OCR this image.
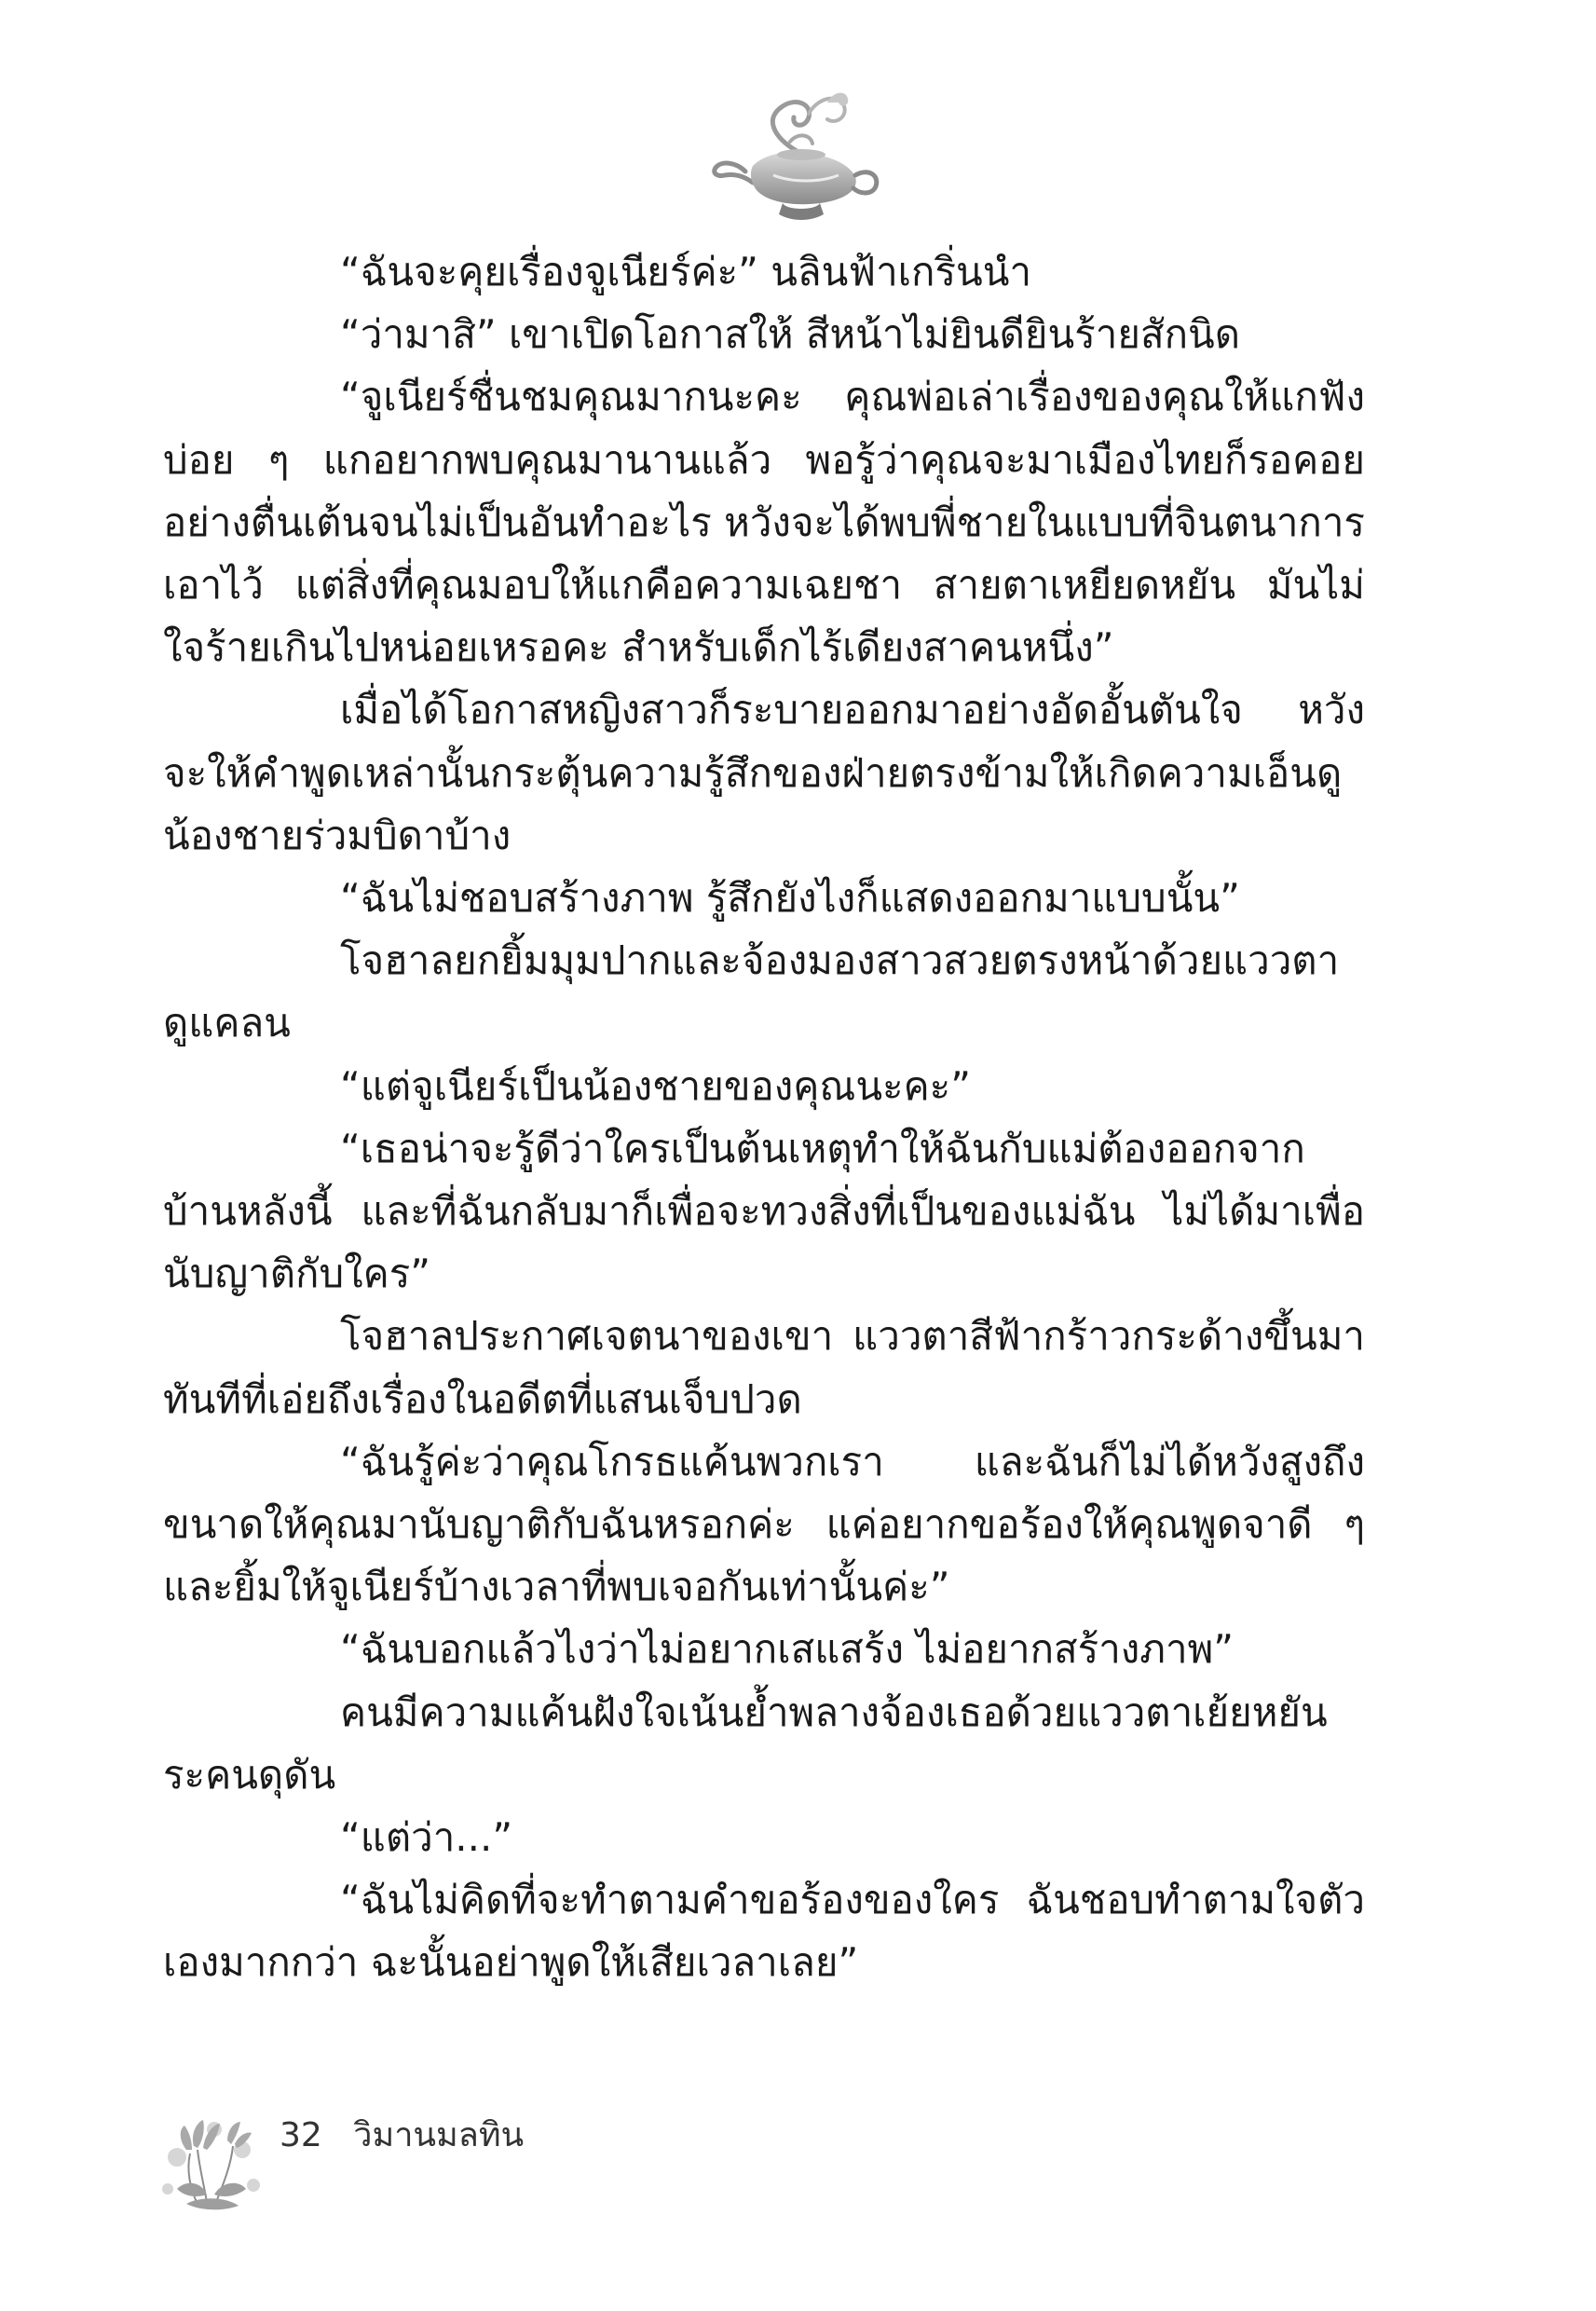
“ฉันจะคุยเรื่องจูเนียร์ค่ะ” นลินฟ้าเกริ่นนำ

“ว่ามาสิ” เขาเปิดโอกาสให้ สีหน้าไม่ยินดียินร้ายสักนิด

“จูเนียร์ชื่นชมคุณมากนะคะ คุณพ่อเล่าเรื่องของคุณให้แกฟังบ่อย ๆ แกอยากพบคุณมานานแล้ว พอรู้ว่าคุณจะมาเมืองไทยก็รอคอยอย่างตื่นเต้นจนไม่เป็นอันทำอะไร หวังจะได้พบพี่ชายในแบบที่จินตนาการเอาไว้ แต่สิ่งที่คุณมอบให้แกคือความเฉยชา สายตาเหยียดหยัน มันไม่ใจร้ายเกินไปหน่อยเหรอคะ สำหรับเด็กไร้เดียงสาคนหนึ่ง”

เมื่อได้โอกาสหญิงสาวก็ระบายออกมาอย่างอัดอั้นตันใจ หวังจะให้คำพูดเหล่านั้นกระตุ้นความรู้สึกของฝ่ายตรงข้ามให้เกิดความเอ็นดูน้องชายร่วมบิดาบ้าง

“ฉันไม่ชอบสร้างภาพ รู้สึกยังไงก็แสดงออกมาแบบนั้น”

โจฮาลยกยิ้มมุมปากและจ้องมองสาวสวยตรงหน้าด้วยแววตาดูแคลน

“แต่จูเนียร์เป็นน้องชายของคุณนะคะ”

“เธอน่าจะรู้ดีว่าใครเป็นต้นเหตุทำให้ฉันกับแม่ต้องออกจากบ้านหลังนี้ และที่ฉันกลับมาก็เพื่อจะทวงสิ่งที่เป็นของแม่ฉัน ไม่ได้มาเพื่อนับญาติกับใคร”

โจฮาลประกาศเจตนาของเขา แววตาสีฟ้ากร้าวกระด้างขึ้นมาทันทีที่เอ่ยถึงเรื่องในอดีตที่แสนเจ็บปวด

“ฉันรู้ค่ะว่าคุณโกรธแค้นพวกเรา และฉันก็ไม่ได้หวังสูงถึงขนาดให้คุณมานับญาติกับฉันหรอกค่ะ แค่อยากขอร้องให้คุณพูดจาดี ๆ และยิ้มให้จูเนียร์บ้างเวลาที่พบเจอกันเท่านั้นค่ะ”

“ฉันบอกแล้วไงว่าไม่อยากเสแสร้ง ไม่อยากสร้างภาพ”

คนมีความแค้นฝังใจเน้นย้ำพลางจ้องเธอด้วยแววตาเย้ยหยันระคนดุดัน

“แต่ว่า...”

“ฉันไม่คิดที่จะทำตามคำขอร้องของใคร ฉันชอบทำตามใจตัวเองมากกว่า ฉะนั้นอย่าพูดให้เสียเวลาเลย”

32 วิมานมลทิน
